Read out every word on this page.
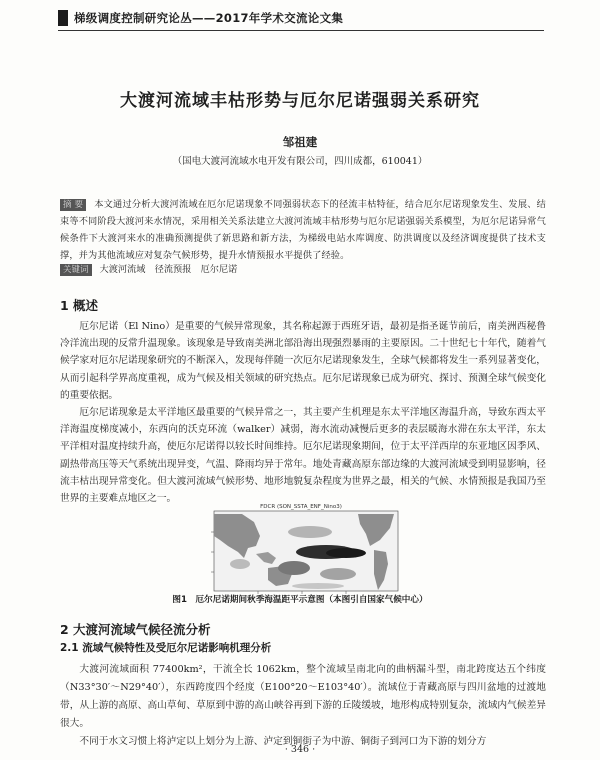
梯级调度控制研究论丛——2017年学术交流论文集
大渡河流域丰枯形势与厄尔尼诺强弱关系研究
邹祖建
（国电大渡河流域水电开发有限公司，四川成都，610041）
摘 要 本文通过分析大渡河流域在厄尔尼诺现象不同强弱状态下的径流丰枯特征，结合厄尔尼诺现象发生、发展、结束等不同阶段大渡河来水情况，采用相关关系法建立大渡河流域丰枯形势与厄尔尼诺强弱关系模型，为厄尔尼诺异常气候条件下大渡河来水的准确预测提供了新思路和新方法，为梯级电站水库调度、防洪调度以及经济调度提供了技术支撑，并为其他流域应对复杂气候形势，提升水情预报水平提供了经验。
关键词 大渡河流域　径流预报　厄尔尼诺
1 概述

厄尔尼诺（El Nino）是重要的气候异常现象，其名称起源于西班牙语，最初是指圣诞节前后，南美洲西秘鲁冷洋流出现的反常升温现象。该现象是导致南美洲北部沿海出现强烈暴雨的主要原因。二十世纪七十年代，随着气候学家对厄尔尼诺现象研究的不断深入，发现每伴随一次厄尔尼诺现象发生，全球气候都将发生一系列显著变化，从而引起科学界高度重视，成为气候及相关领域的研究热点。厄尔尼诺现象已成为研究、探讨、预测全球气候变化的重要依据。

厄尔尼诺现象是太平洋地区最重要的气候异常之一，其主要产生机理是东太平洋地区海温升高，导致东西太平洋海温度梯度减小，东西向的沃克环流（walker）减弱，海水流动减慢后更多的表层暖海水滞在东太平洋，东太平洋相对温度持续升高，使厄尔尼诺得以较长时间维持。厄尔尼诺现象期间，位于太平洋西岸的东亚地区因季风、副热带高压等天气系统出现异变，气温、降雨均异于常年。地处青藏高原东部边缘的大渡河流域受到明显影响，径流丰枯出现异常变化。但大渡河流域气候形势、地形地貌复杂程度为世界之最，相关的气候、水情预报是我国乃至世界的主要难点地区之一。

FDCR (SON_SSTA_ENF_Nino3)
图1　厄尔尼诺期间秋季海温距平示意图（本图引自国家气候中心）
2 大渡河流域气候径流分析
2.1 流域气候特性及受厄尔尼诺影响机理分析

大渡河流域面积 77400km²，干流全长 1062km，整个流域呈南北向的曲柄漏斗型，南北跨度达五个纬度（N33°30′～N29°40′），东西跨度四个经度（E100°20～E103°40′）。流域位于青藏高原与四川盆地的过渡地带，从上游的高原、高山草甸、草原到中游的高山峡谷再到下游的丘陵缓坡，地形构成特别复杂，流域内气候差异很大。

不同于水文习惯上将泸定以上划分为上游、泸定到铜街子为中游、铜街子到河口为下游的划分方

· 346 ·
